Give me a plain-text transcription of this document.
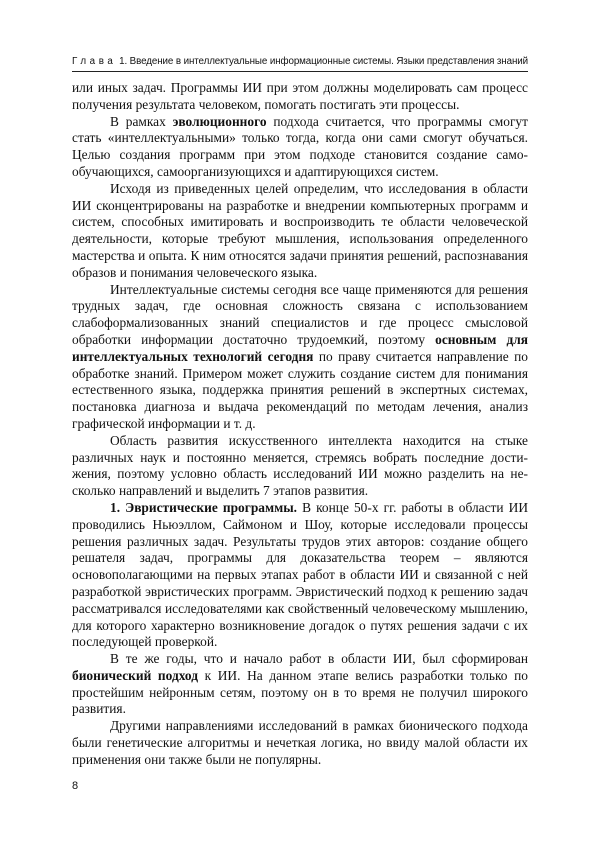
Глава 1. Введение в интеллектуальные информационные системы. Языки представления знаний

или иных задач. Программы ИИ при этом должны моделировать сам процесс получения результата человеком, помогать постигать эти процессы.

В рамках эволюционного подхода считается, что программы смогут стать «интеллектуальными» только тогда, когда они сами смогут обучаться. Целью создания программ при этом подходе становится создание самообучающихся, самоорганизующихся и адаптирующихся систем.

Исходя из приведенных целей определим, что исследования в области ИИ сконцентрированы на разработке и внедрении компьютерных программ и систем, способных имитировать и воспроизводить те области человеческой деятельности, которые требуют мышления, использования определенного мастерства и опыта. К ним относятся задачи принятия решений, распознавания образов и понимания человеческого языка.

Интеллектуальные системы сегодня все чаще применяются для решения трудных задач, где основная сложность связана с использованием слабоформализованных знаний специалистов и где процесс смысловой обработки информации достаточно трудоемкий, поэтому основным для интеллектуальных технологий сегодня по праву считается направление по обработке знаний. Примером может служить создание систем для понимания естественного языка, поддержка принятия решений в экспертных системах, постановка диагноза и выдача рекомендаций по методам лечения, анализ графической информации и т. д.

Область развития искусственного интеллекта находится на стыке различных наук и постоянно меняется, стремясь вобрать последние достижения, поэтому условно область исследований ИИ можно разделить на несколько направлений и выделить 7 этапов развития.

1. Эвристические программы. В конце 50-х гг. работы в области ИИ проводились Ньюэллом, Саймоном и Шоу, которые исследовали процессы решения различных задач. Результаты трудов этих авторов: создание общего решателя задач, программы для доказательства теорем – являются основополагающими на первых этапах работ в области ИИ и связанной с ней разработкой эвристических программ. Эвристический подход к решению задач рассматривался исследователями как свойственный человеческому мышлению, для которого характерно возникновение догадок о путях решения задачи с их последующей проверкой.

В те же годы, что и начало работ в области ИИ, был сформирован бионический подход к ИИ. На данном этапе велись разработки только по простейшим нейронным сетям, поэтому он в то время не получил широкого развития.

Другими направлениями исследований в рамках бионического подхода были генетические алгоритмы и нечеткая логика, но ввиду малой области их применения они также были не популярны.

8
